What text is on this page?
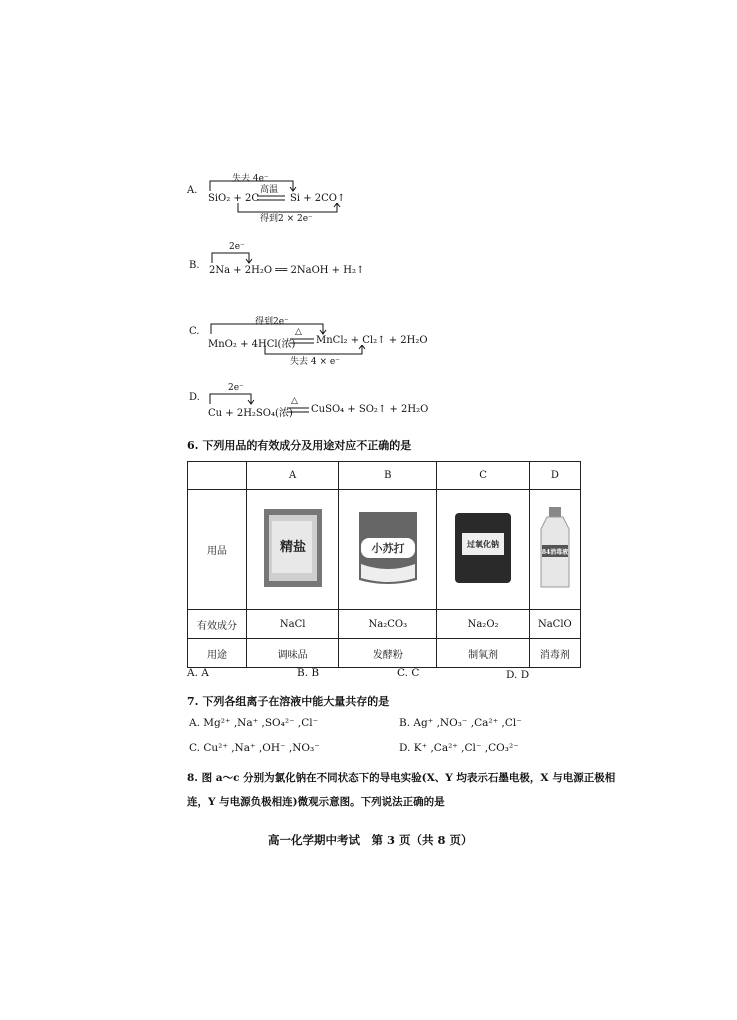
A.
失去 4e⁻
高温
SiO₂ + 2C	Si + 2CO↑
得到2 × 2e⁻
B.
2e⁻
2Na + 2H₂O ══ 2NaOH + H₂↑
C.
得到2e⁻
MnO₂ + 4HCl(浓)
△
MnCl₂ + Cl₂↑ + 2H₂O
失去 4 × e⁻
D.
2e⁻
Cu + 2H₂SO₄(浓)
△
CuSO₄ + SO₂↑ + 2H₂O
6. 下列用品的有效成分及用途对应不正确的是
	A	B	C	D
用品	精盐	小苏打	过氧化钠	84消毒液

有效成分	NaCl	Na₂CO₃	Na₂O₂	NaClO
用途	调味品	发酵粉	制氧剂	消毒剂
A. A	B. B	C. C	D. D
7. 下列各组离子在溶液中能大量共存的是
A. Mg²⁺ ,Na⁺ ,SO₄²⁻ ,Cl⁻	B. Ag⁺ ,NO₃⁻ ,Ca²⁺ ,Cl⁻
C. Cu²⁺ ,Na⁺ ,OH⁻ ,NO₃⁻	D. K⁺ ,Ca²⁺ ,Cl⁻ ,CO₃²⁻
8. 图 a～c 分别为氯化钠在不同状态下的导电实验(X、Y 均表示石墨电极，X 与电源正极相
连，Y 与电源负极相连)微观示意图。下列说法正确的是
高一化学期中考试　第 3 页（共 8 页）
